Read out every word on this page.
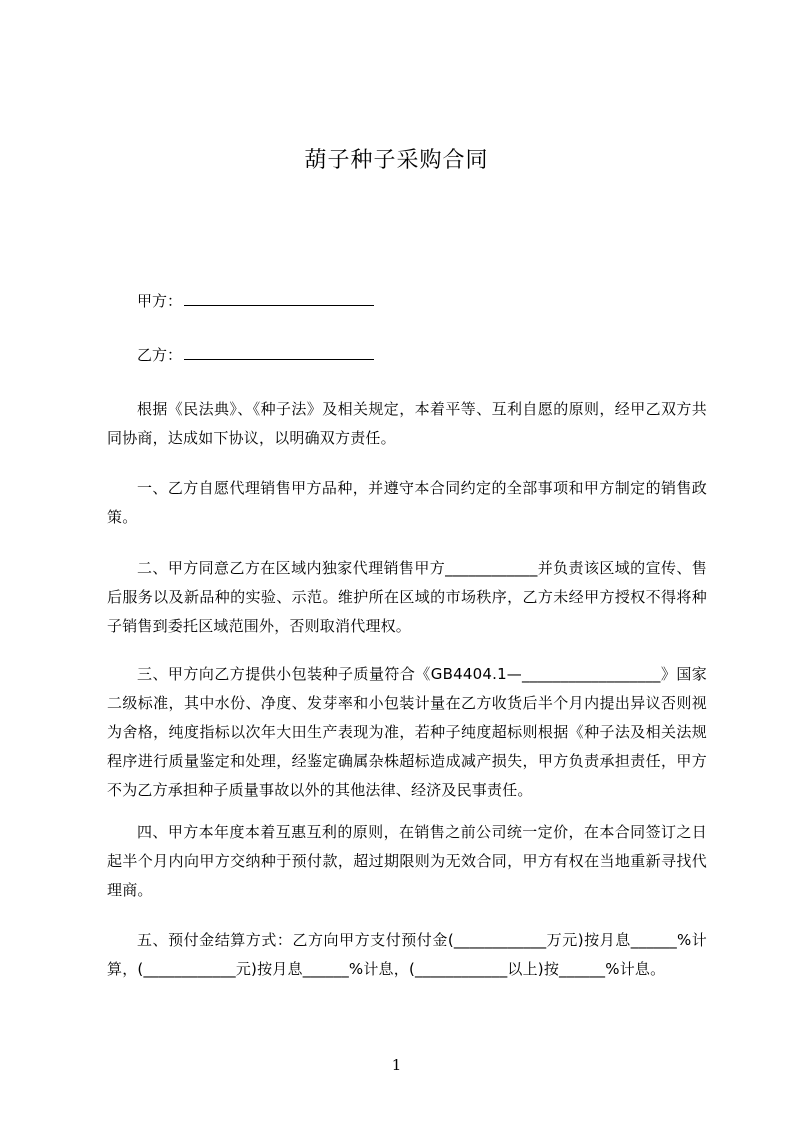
葫子种子采购合同
甲方：
乙方：
根据《民法典》、《种子法》及相关规定，本着平等、互利自愿的原则，经甲乙双方共同协商，达成如下协议，以明确双方责任。
一、乙方自愿代理销售甲方品种，并遵守本合同约定的全部事项和甲方制定的销售政策。
二、甲方同意乙方在区域内独家代理销售甲方____________并负责该区域的宣传、售后服务以及新品种的实验、示范。维护所在区域的市场秩序，乙方未经甲方授权不得将种子销售到委托区域范围外，否则取消代理权。
三、甲方向乙方提供小包装种子质量符合《GB4404.1—__________________》国家二级标准，其中水份、净度、发芽率和小包装计量在乙方收货后半个月内提出异议否则视为舍格，纯度指标以次年大田生产表现为准，若种子纯度超标则根据《种子法及相关法规程序进行质量鉴定和处理，经鉴定确属杂株超标造成减产损失，甲方负责承担责任，甲方不为乙方承担种子质量事故以外的其他法律、经济及民事责任。
四、甲方本年度本着互惠互利的原则，在销售之前公司统一定价，在本合同签订之日起半个月内向甲方交纳种于预付款，超过期限则为无效合同，甲方有权在当地重新寻找代理商。
五、预付金结算方式：乙方向甲方支付预付金(____________万元)按月息______%计算，(____________元)按月息______%计息，(____________以上)按______%计息。
1
